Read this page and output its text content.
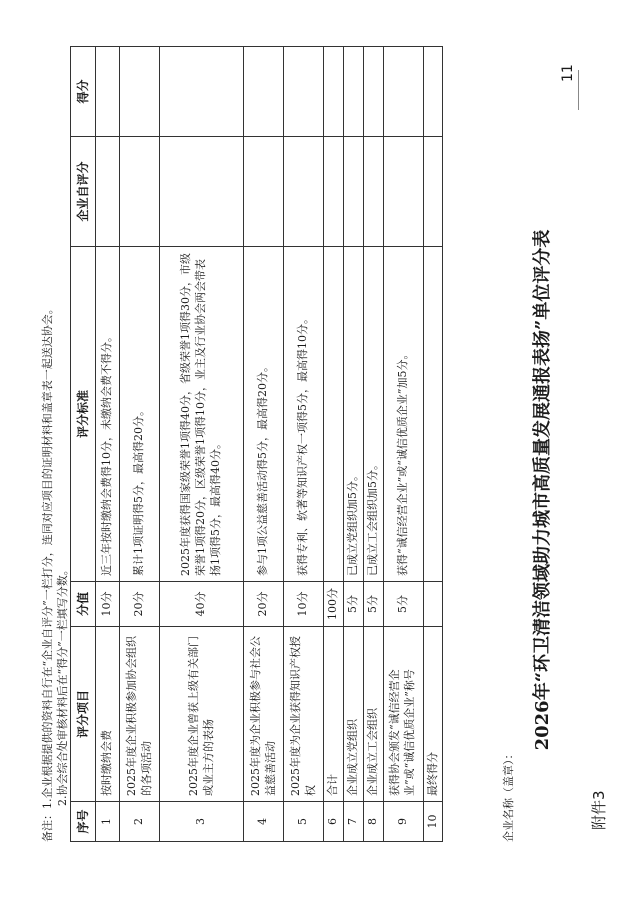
附件3
2026年“环卫清洁领域助力城市高质量发展通报表扬”单位评分表
企业名称（盖章）：
序号	评分项目	分值	评分标准	企业自评分	得分
1	按时缴纳会费	10分	近三年按时缴纳会费得10分，未缴纳会费不得分。		
2	2025年度企业积极参加协会组织的各项活动	20分	累计1项证明得5分，最高得20分。		
3	2025年度企业曾获上级有关部门或业主方的表扬	40分	2025年度获得国家级荣誉1项得40分，省级荣誉1项得30分，市级荣誉1项得20分，区级荣誉1项得10分，业主及行业协会两会带表扬1项得5分，最高得40分。		
4	2025年度为企业积极参与社会公益慈善活动	20分	参与1项公益慈善活动得5分，最高得20分。		
5	2025年度为企业获得知识产权授权	10分	获得专利、软著等知识产权一项得5分，最高得10分。		
6	合计	100分			
7	企业成立党组织	5分	已成立党组织加5分。		
8	企业成立工会组织	5分	已成立工会组织加5分。		
9	获得协会颁发“诚信经营企业”或“诚信优质企业”称号	5分	获得“诚信经营企业”或“诚信优质企业”加5分。		
10	最终得分				
备注：1.企业根据提供的资料自行在“企业自评分”一栏打分，连同对应项目的证明材料和盖章表一起送达协会。 2.协会综合处审核材料后在“得分”一栏填写分数。
11
